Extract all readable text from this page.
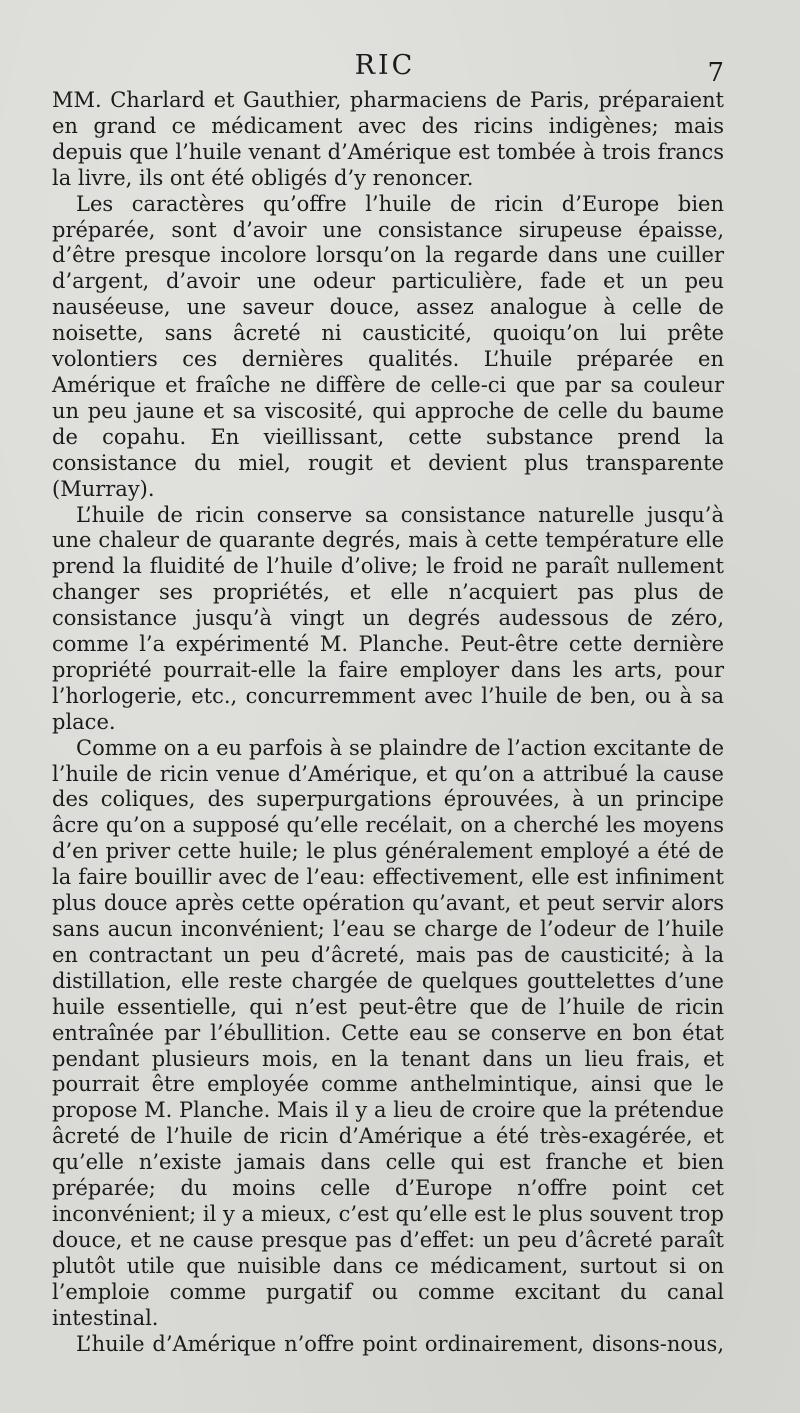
RIC	7

MM. Charlard et Gauthier, pharmaciens de Paris, préparaient en grand ce médicament avec des ricins indigènes; mais depuis que l’huile venant d’Amérique est tombée à trois francs la livre, ils ont été obligés d’y renoncer.

Les caractères qu’offre l’huile de ricin d’Europe bien préparée, sont d’avoir une consistance sirupeuse épaisse, d’être presque incolore lorsqu’on la regarde dans une cuiller d’argent, d’avoir une odeur particulière, fade et un peu nauséeuse, une saveur douce, assez analogue à celle de noisette, sans âcreté ni causticité, quoiqu’on lui prête volontiers ces dernières qualités. L’huile préparée en Amérique et fraîche ne diffère de celle-ci que par sa couleur un peu jaune et sa viscosité, qui approche de celle du baume de copahu. En vieillissant, cette substance prend la consistance du miel, rougit et devient plus transparente (Murray).

L’huile de ricin conserve sa consistance naturelle jusqu’à une chaleur de quarante degrés, mais à cette température elle prend la fluidité de l’huile d’olive; le froid ne paraît nullement changer ses propriétés, et elle n’acquiert pas plus de consistance jusqu’à vingt un degrés audessous de zéro, comme l’a expérimenté M. Planche. Peut-être cette dernière propriété pourrait-elle la faire employer dans les arts, pour l’horlogerie, etc., concurremment avec l’huile de ben, ou à sa place.

Comme on a eu parfois à se plaindre de l’action excitante de l’huile de ricin venue d’Amérique, et qu’on a attribué la cause des coliques, des superpurgations éprouvées, à un principe âcre qu’on a supposé qu’elle recélait, on a cherché les moyens d’en priver cette huile; le plus généralement employé a été de la faire bouillir avec de l’eau: effectivement, elle est infiniment plus douce après cette opération qu’avant, et peut servir alors sans aucun inconvénient; l’eau se charge de l’odeur de l’huile en contractant un peu d’âcreté, mais pas de causticité; à la distillation, elle reste chargée de quelques gouttelettes d’une huile essentielle, qui n’est peut-être que de l’huile de ricin entraînée par l’ébullition. Cette eau se conserve en bon état pendant plusieurs mois, en la tenant dans un lieu frais, et pourrait être employée comme anthelmintique, ainsi que le propose M. Planche. Mais il y a lieu de croire que la prétendue âcreté de l’huile de ricin d’Amérique a été très-exagérée, et qu’elle n’existe jamais dans celle qui est franche et bien préparée; du moins celle d’Europe n’offre point cet inconvénient; il y a mieux, c’est qu’elle est le plus souvent trop douce, et ne cause presque pas d’effet: un peu d’âcreté paraît plutôt utile que nuisible dans ce médicament, surtout si on l’emploie comme purgatif ou comme excitant du canal intestinal.

L’huile d’Amérique n’offre point ordinairement, disons-nous,
